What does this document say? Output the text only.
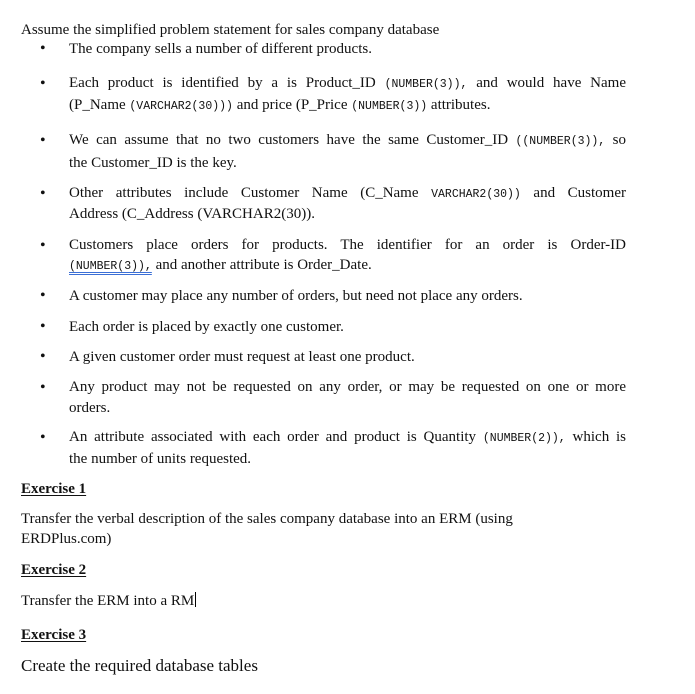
Assume the simplified problem statement for sales company database
• The company sells a number of different products.
• Each product is identified by a is Product_ID (NUMBER(3)), and would have Name
(P_Name (VARCHAR2(30))) and price (P_Price (NUMBER(3)) attributes.
• We can assume that no two customers have the same Customer_ID ((NUMBER(3)), so
the Customer_ID is the key.
• Other attributes include Customer Name (C_Name VARCHAR2(30)) and Customer
Address (C_Address (VARCHAR2(30)).
• Customers place orders for products. The identifier for an order is Order-ID
(NUMBER(3)), and another attribute is Order_Date.
• A customer may place any number of orders, but need not place any orders.
• Each order is placed by exactly one customer.
• A given customer order must request at least one product.
• Any product may not be requested on any order, or may be requested on one or more
orders.
• An attribute associated with each order and product is Quantity (NUMBER(2)), which is
the number of units requested.
Exercise 1
Transfer the verbal description of the sales company database into an ERM (using
ERDPlus.com)
Exercise 2
Transfer the ERM into a RM
Exercise 3
Create the required database tables
